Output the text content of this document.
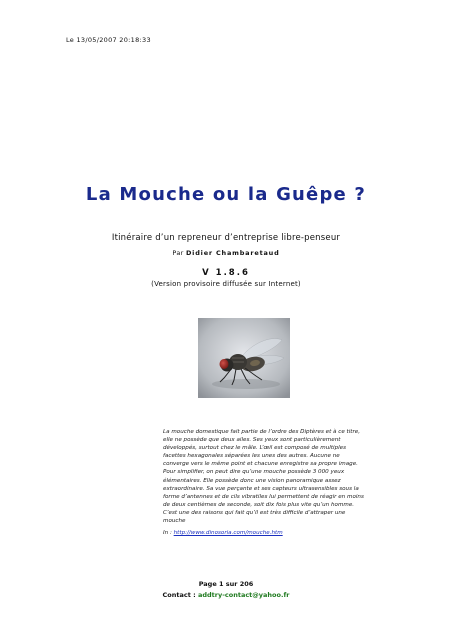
Le 13/05/2007 20:18:33
La Mouche ou la Guêpe ?
Itinéraire d’un repreneur d’entreprise libre-penseur
Par Didier Chambaretaud
V 1.8.6
(Version provisoire diffusée sur Internet)
La mouche domestique fait partie de l’ordre des Diptères et à ce titre,
elle ne possède que deux ailes. Ses yeux sont particulièrement
développés, surtout chez le mâle. L’œil est composé de multiples
facettes hexagonales séparées les unes des autres. Aucune ne
converge vers le même point et chacune enregistre sa propre image.
Pour simplifier, on peut dire qu’une mouche possède 3 000 yeux
élémentaires. Elle possède donc une vision panoramique assez
extraordinaire. Sa vue perçante et ses capteurs ultrasensibles sous la
forme d’antennes et de cils vibratiles lui permettent de réagir en moins
de deux centièmes de seconde, soit dix fois plus vite qu’un homme.
C’est une des raisons qui fait qu’il est très difficile d’attraper une
mouche
In : http://www.dinosoria.com/mouche.htm
Page 1 sur 206
Contact : addtry-contact@yahoo.fr
